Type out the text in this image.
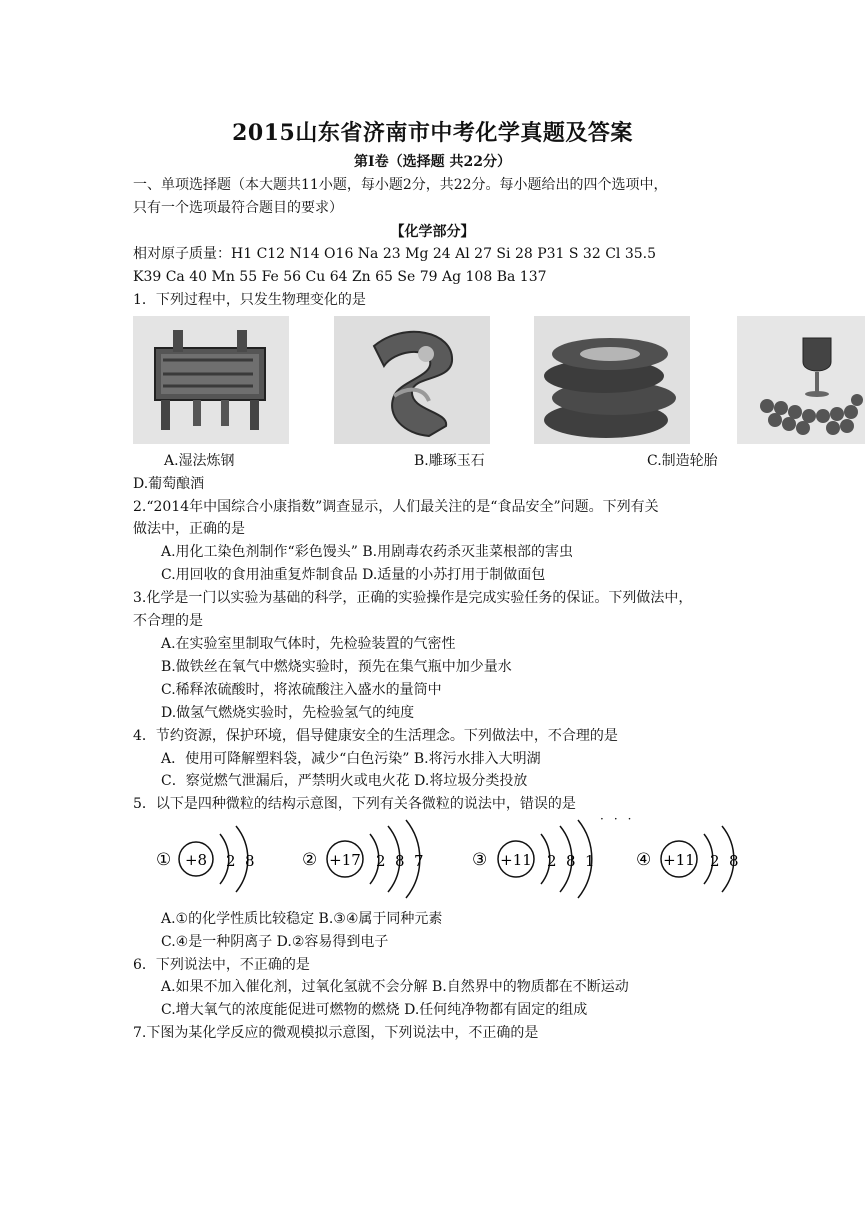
2015山东省济南市中考化学真题及答案
第Ⅰ卷（选择题 共22分）
一、单项选择题（本大题共11小题，每小题2分，共22分。每小题给出的四个选项中，
只有一个选项最符合题目的要求）
【化学部分】
相对原子质量：H1 C12 N14 O16 Na 23 Mg 24 Al 27 Si 28 P31 S 32 Cl 35.5
K39 Ca 40 Mn 55 Fe 56 Cu 64 Zn 65 Se 79 Ag 108 Ba 137
1．下列过程中，只发生物理变化的是
A.湿法炼钢	B.雕琢玉石	C.制造轮胎
D.葡萄酿酒
2.“2014年中国综合小康指数”调查显示，人们最关注的是“食品安全”问题。下列有关
做法中，正确的是
A.用化工染色剂制作“彩色馒头” B.用剧毒农药杀灭韭菜根部的害虫
C.用回收的食用油重复炸制食品 D.适量的小苏打用于制做面包
3.化学是一门以实验为基础的科学，正确的实验操作是完成实验任务的保证。下列做法中，
不合理的是
A.在实验室里制取气体时，先检验装置的气密性
B.做铁丝在氧气中燃烧实验时，预先在集气瓶中加少量水
C.稀释浓硫酸时，将浓硫酸注入盛水的量筒中
D.做氢气燃烧实验时，先检验氢气的纯度
4．节约资源，保护环境，倡导健康安全的生活理念。下列做法中，不合理的是
A．使用可降解塑料袋，减少“白色污染” B.将污水排入大明湖
C．察觉燃气泄漏后，严禁明火或电火花 D.将垃圾分类投放
5．以下是四种微粒的结构示意图，下列有关各微粒的说法中，错误的是
···
① +8 2 8	② +17 2 8 7	③ +11 2 8 1 ④ +11 2 8
A.①的化学性质比较稳定 B.③④属于同种元素
C.④是一种阴离子 D.②容易得到电子
6．下列说法中，不正确的是
A.如果不加入催化剂，过氧化氢就不会分解 B.自然界中的物质都在不断运动
C.增大氧气的浓度能促进可燃物的燃烧 D.任何纯净物都有固定的组成
7.下图为某化学反应的微观模拟示意图，下列说法中，不正确的是
